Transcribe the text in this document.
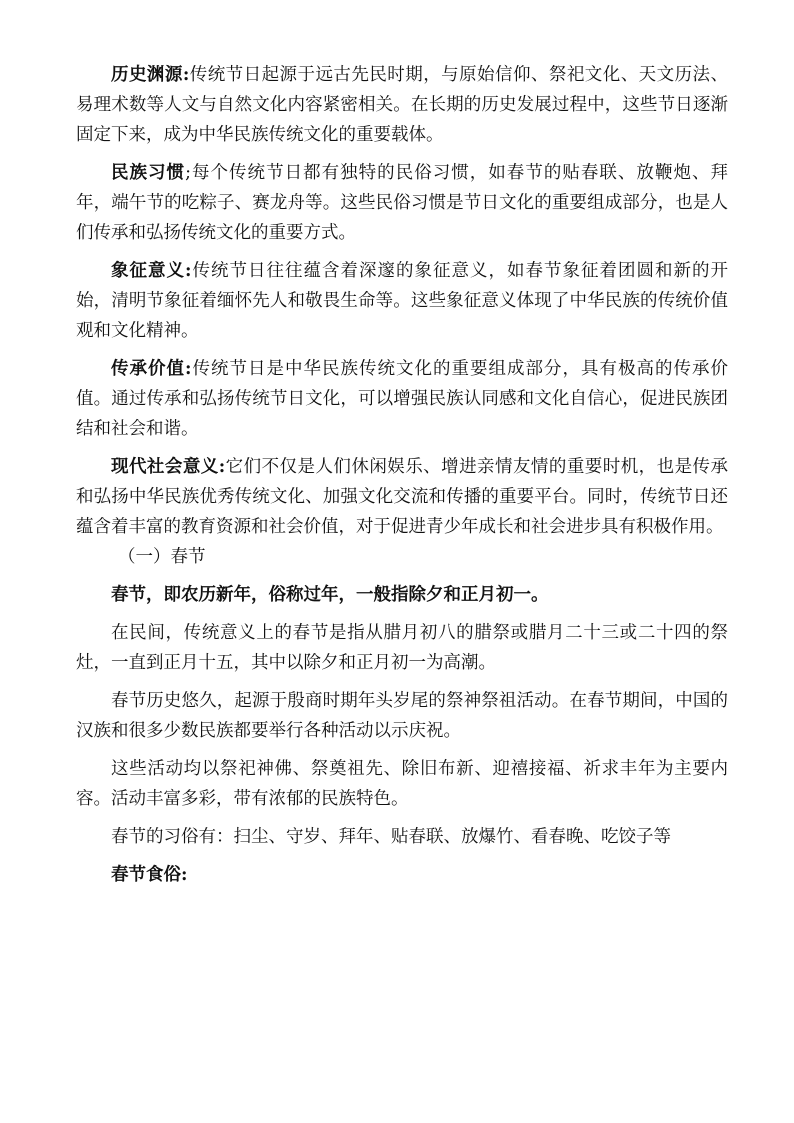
历史渊源:传统节日起源于远古先民时期，与原始信仰、祭祀文化、天文历法、易理术数等人文与自然文化内容紧密相关。在长期的历史发展过程中，这些节日逐渐固定下来，成为中华民族传统文化的重要载体。

民族习惯;每个传统节日都有独特的民俗习惯，如春节的贴春联、放鞭炮、拜年，端午节的吃粽子、赛龙舟等。这些民俗习惯是节日文化的重要组成部分，也是人们传承和弘扬传统文化的重要方式。

象征意义:传统节日往往蕴含着深邃的象征意义，如春节象征着团圆和新的开始，清明节象征着缅怀先人和敬畏生命等。这些象征意义体现了中华民族的传统价值观和文化精神。

传承价值:传统节日是中华民族传统文化的重要组成部分，具有极高的传承价值。通过传承和弘扬传统节日文化，可以增强民族认同感和文化自信心，促进民族团结和社会和谐。

现代社会意义:它们不仅是人们休闲娱乐、增进亲情友情的重要时机，也是传承和弘扬中华民族优秀传统文化、加强文化交流和传播的重要平台。同时，传统节日还蕴含着丰富的教育资源和社会价值，对于促进青少年成长和社会进步具有积极作用。

（一）春节

春节，即农历新年，俗称过年，一般指除夕和正月初一。

在民间，传统意义上的春节是指从腊月初八的腊祭或腊月二十三或二十四的祭灶，一直到正月十五，其中以除夕和正月初一为高潮。

春节历史悠久，起源于殷商时期年头岁尾的祭神祭祖活动。在春节期间，中国的汉族和很多少数民族都要举行各种活动以示庆祝。

这些活动均以祭祀神佛、祭奠祖先、除旧布新、迎禧接福、祈求丰年为主要内容。活动丰富多彩，带有浓郁的民族特色。

春节的习俗有：扫尘、守岁、拜年、贴春联、放爆竹、看春晚、吃饺子等

春节食俗:
